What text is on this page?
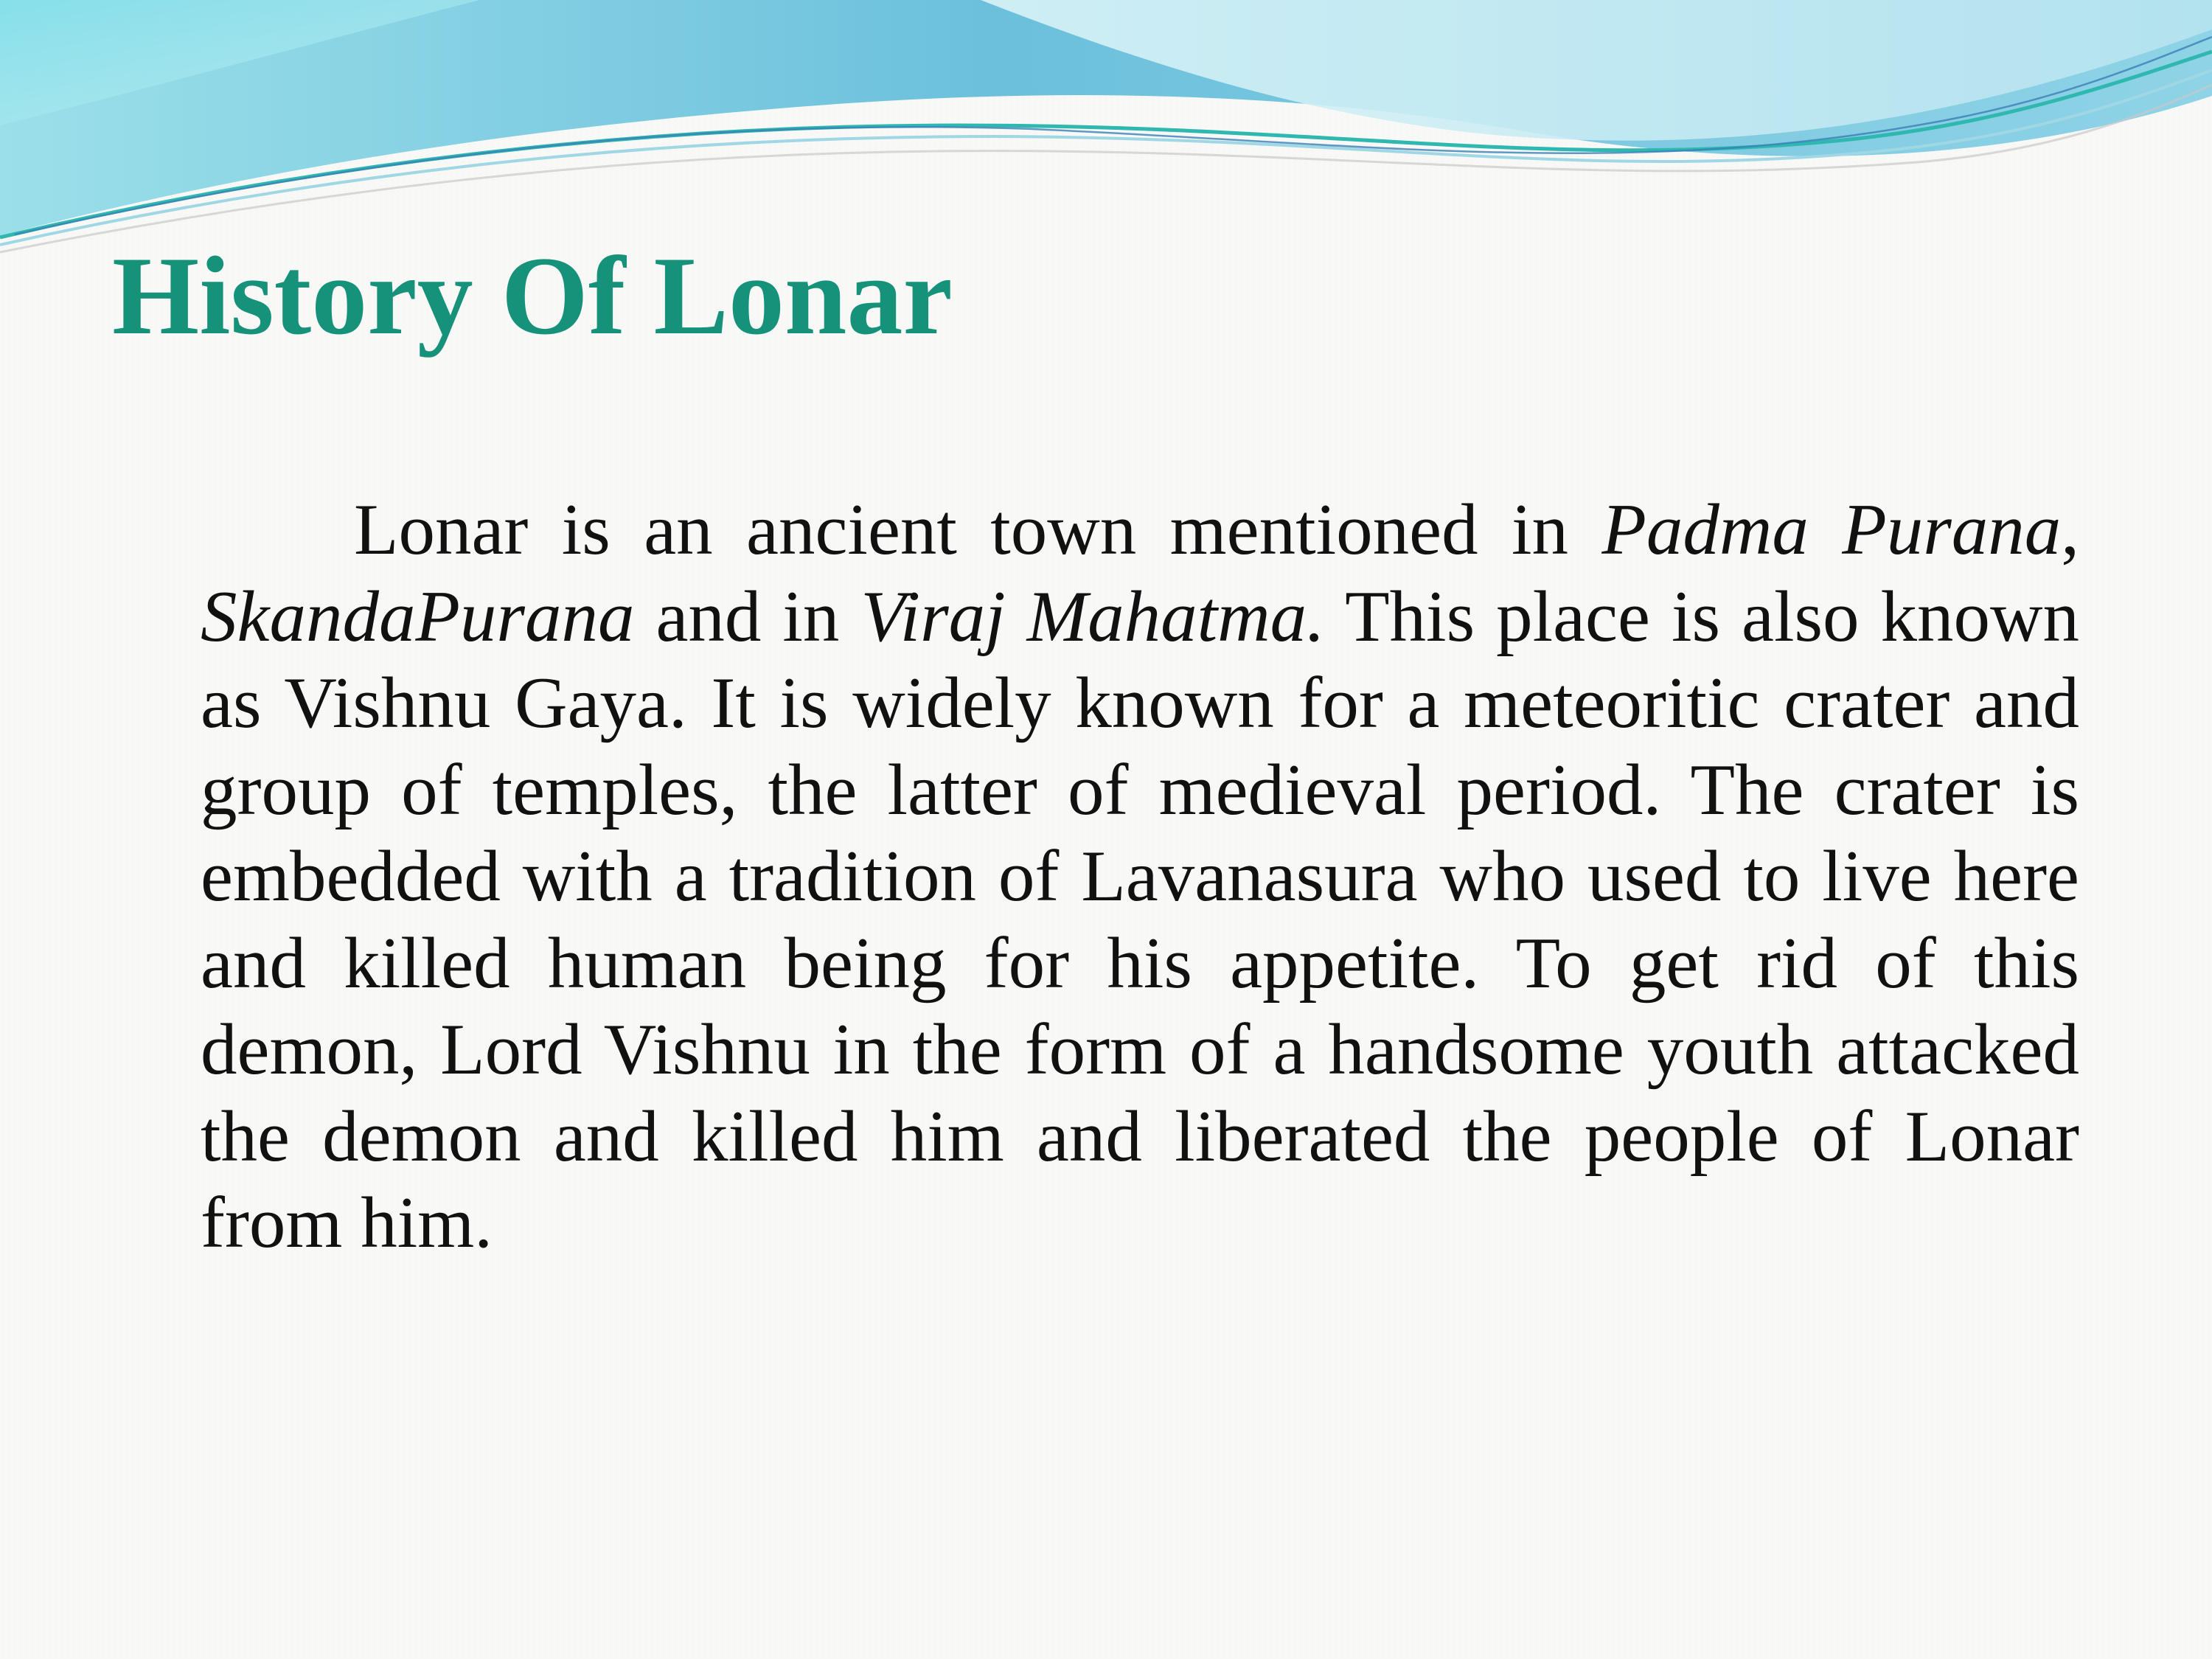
History Of Lonar

Lonar is an ancient town mentioned in Padma Purana, SkandaPurana and in Viraj Mahatma. This place is also known as Vishnu Gaya. It is widely known for a meteoritic crater and group of temples, the latter of medieval period. The crater is embedded with a tradition of Lavanasura who used to live here and killed human being for his appetite. To get rid of this demon, Lord Vishnu in the form of a handsome youth attacked the demon and killed him and liberated the people of Lonar from him.
